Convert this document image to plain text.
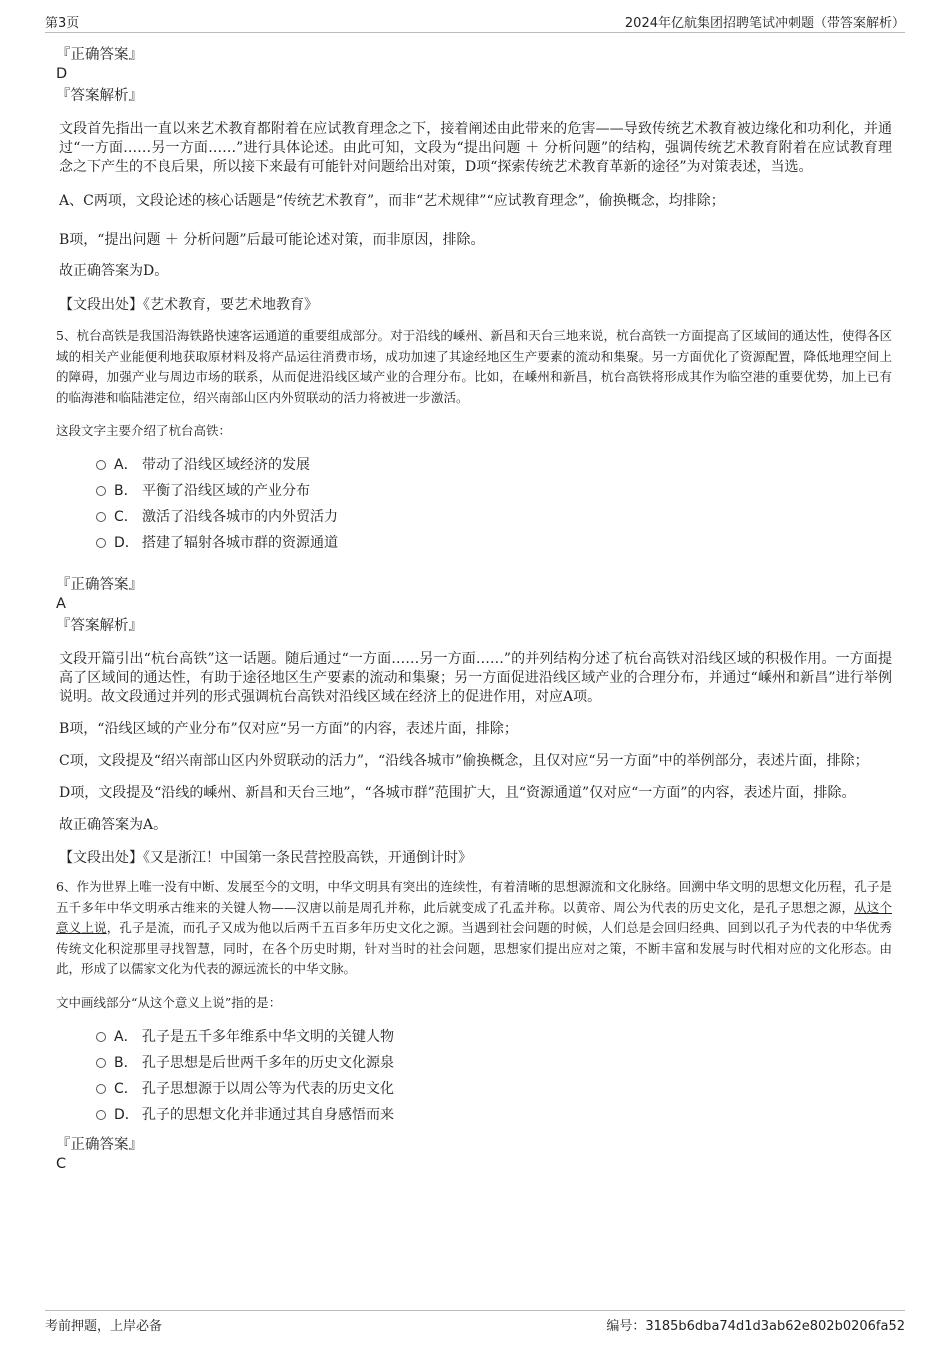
第3页	2024年亿航集团招聘笔试冲刺题（带答案解析）
『正确答案』
D
『答案解析』
文段首先指出一直以来艺术教育都附着在应试教育理念之下，接着阐述由此带来的危害——导致传统艺术教育被边缘化和功利化，并通过“一方面……另一方面……”进行具体论述。由此可知，文段为“提出问题 ＋ 分析问题”的结构，强调传统艺术教育附着在应试教育理念之下产生的不良后果，所以接下来最有可能针对问题给出对策，D项“探索传统艺术教育革新的途径”为对策表述，当选。
A、C两项，文段论述的核心话题是“传统艺术教育”，而非“艺术规律”“应试教育理念”，偷换概念，均排除；
B项，“提出问题 ＋ 分析问题”后最可能论述对策，而非原因，排除。
故正确答案为D。
【文段出处】《艺术教育，要艺术地教育》
5、杭台高铁是我国沿海铁路快速客运通道的重要组成部分。对于沿线的嵊州、新昌和天台三地来说，杭台高铁一方面提高了区域间的通达性，使得各区域的相关产业能便利地获取原材料及将产品运往消费市场，成功加速了其途经地区生产要素的流动和集聚。另一方面优化了资源配置，降低地理空间上的障碍，加强产业与周边市场的联系，从而促进沿线区域产业的合理分布。比如，在嵊州和新昌，杭台高铁将形成其作为临空港的重要优势，加上已有的临海港和临陆港定位，绍兴南部山区内外贸联动的活力将被进一步激活。
这段文字主要介绍了杭台高铁：
A． 带动了沿线区域经济的发展
B． 平衡了沿线区域的产业分布
C． 激活了沿线各城市的内外贸活力
D． 搭建了辐射各城市群的资源通道
『正确答案』
A
『答案解析』
文段开篇引出“杭台高铁”这一话题。随后通过“一方面……另一方面……”的并列结构分述了杭台高铁对沿线区域的积极作用。一方面提高了区域间的通达性，有助于途径地区生产要素的流动和集聚；另一方面促进沿线区域产业的合理分布，并通过“嵊州和新昌”进行举例说明。故文段通过并列的形式强调杭台高铁对沿线区域在经济上的促进作用，对应A项。
B项，“沿线区域的产业分布”仅对应“另一方面”的内容，表述片面，排除；
C项，文段提及“绍兴南部山区内外贸联动的活力”，“沿线各城市”偷换概念，且仅对应“另一方面”中的举例部分，表述片面，排除；
D项，文段提及“沿线的嵊州、新昌和天台三地”，“各城市群”范围扩大，且“资源通道”仅对应“一方面”的内容，表述片面，排除。
故正确答案为A。
【文段出处】《又是浙江！中国第一条民营控股高铁，开通倒计时》
6、作为世界上唯一没有中断、发展至今的文明，中华文明具有突出的连续性，有着清晰的思想源流和文化脉络。回溯中华文明的思想文化历程，孔子是五千多年中华文明承古维来的关键人物——汉唐以前是周孔并称，此后就变成了孔孟并称。以黄帝、周公为代表的历史文化，是孔子思想之源，从这个意义上说，孔子是流，而孔子又成为他以后两千五百多年历史文化之源。当遇到社会问题的时候，人们总是会回归经典、回到以孔子为代表的中华优秀传统文化积淀那里寻找智慧，同时，在各个历史时期，针对当时的社会问题，思想家们提出应对之策，不断丰富和发展与时代相对应的文化形态。由此，形成了以儒家文化为代表的源远流长的中华文脉。
文中画线部分“从这个意义上说”指的是：
A． 孔子是五千多年维系中华文明的关键人物
B． 孔子思想是后世两千多年的历史文化源泉
C． 孔子思想源于以周公等为代表的历史文化
D． 孔子的思想文化并非通过其自身感悟而来
『正确答案』
C
考前押题，上岸必备	编号：3185b6dba74d1d3ab62e802b0206fa52
